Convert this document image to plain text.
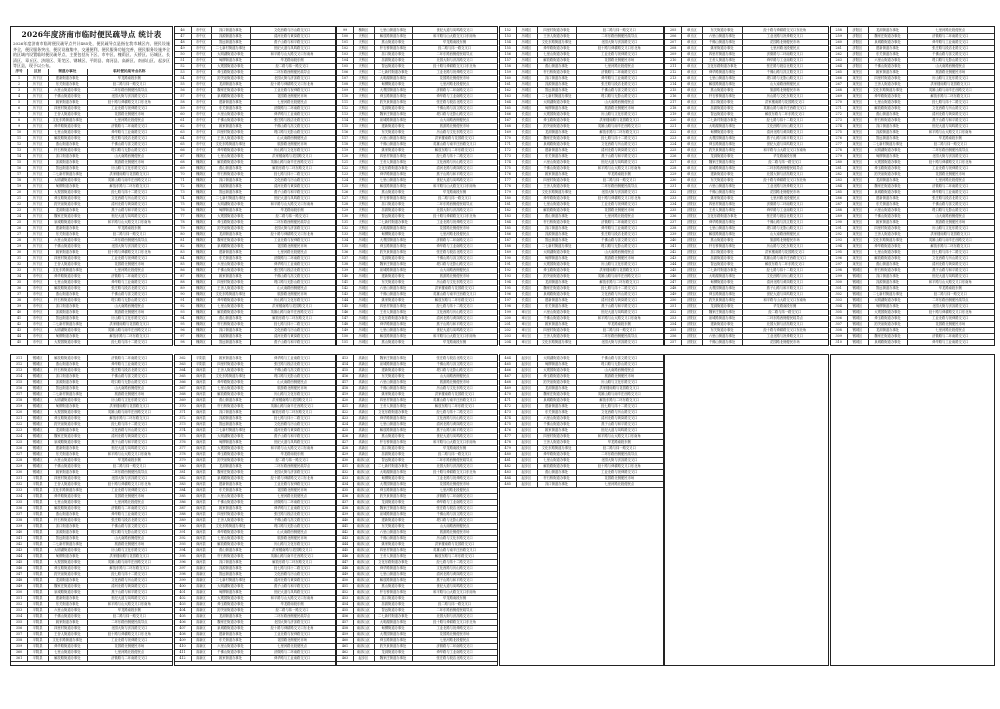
2026年度济南市临时便民疏导点 统计表
2026年度济南市临时便民疏导点共计485处，便民疏导点是指在我市城区内，便民设施齐全，便民服务突出，便民设施集中，交通便利，便民服务功能完善，便民服务设施齐全的区域内设置临时便民疏导点，主要包括历下区、市中区、槐荫区、天桥区、历城区、长清区、章丘区、济阳区、莱芜区、钢城区、平阴县、商河县、高新区、南部山区、起步区等区县，现予以公布。
序号	区县	街道办事处	临时便民疏导点名称
1	历下区	建新街道办事处	华龙路南段东侧
2	历下区	东关街道办事处	经二路与纬一路交叉口
3	历下区	六里山街道办事处	二环东路西侧便民疏导点
4	历下区	千佛山街道办事处	北园大街与济泺路交叉口
5	历下区	姚家街道办事处	经十路与舜耕路交叉口东北角
6	历下区	四里村街道办事处	工业北路与祝舜路交叉口
7	历下区	王舍人街道办事处	花园路北侧便民市场
8	历下区	文化东路街道办事处	七里河路北段便民点
9	历下区	舜华路街道办事处	济微路与二环南路交叉口
10	历下区	七里山街道办事处	舜华路与工业南路交叉口
11	历下区	解放路街道办事处	张庄路与段店北路交叉口
12	历下区	燕山街道办事处	千佛山路与泺文路交叉口
13	历下区	杆石桥街道办事处	堤口路与无影山路交叉口
14	历下区	泺口街道办事处	山大南路西侧便民点
15	历下区	泺源街道办事处	旅游路北侧便民市场
16	历下区	智远街道办事处	历山路与文化东路交叉口
17	历下区	二七新村街道办事处	洪家楼南路与花园路交叉口
18	历下区	大明湖街道办事处	英雄山路与南辛庄西路交叉口
19	历下区	甸柳街道办事处	解放东路与二环东路交叉口
20	历下区	大观园街道办事处	经七路与纬十二路交叉口
21	历下区	舜玉路街道办事处	文化西路与历山路交叉口
22	历下区	趵突泉街道办事处	清河北路与黄岗路交叉口
23	历下区	龙洞街道办事处	燕子山路与和平路交叉口
24	历下区	魏家庄街道办事处	世纪大道与凤鸣路交叉口
25	历下区	泉城路街道办事处	和平路与山大路交叉口东南角
26	历下区	建新街道办事处	华龙路南段东侧
27	历下区	东关街道办事处	经二路与纬一路交叉口
28	历下区	六里山街道办事处	二环东路西侧便民疏导点
29	历下区	千佛山街道办事处	北园大街与济泺路交叉口
30	历下区	姚家街道办事处	经十路与舜耕路交叉口东北角
31	历下区	四里村街道办事处	工业北路与祝舜路交叉口
32	历下区	王舍人街道办事处	花园路北侧便民市场
33	历下区	文化东路街道办事处	七里河路北段便民点
34	市中区	舜华路街道办事处	济微路与二环南路交叉口
35	市中区	七里山街道办事处	舜华路与工业南路交叉口
36	市中区	解放路街道办事处	张庄路与段店北路交叉口
37	市中区	燕山街道办事处	千佛山路与泺文路交叉口
38	市中区	杆石桥街道办事处	堤口路与无影山路交叉口
39	市中区	泺口街道办事处	山大南路西侧便民点
40	市中区	泺源街道办事处	旅游路北侧便民市场
41	市中区	智远街道办事处	历山路与文化东路交叉口
42	市中区	二七新村街道办事处	洪家楼南路与花园路交叉口
43	市中区	大明湖街道办事处	英雄山路与南辛庄西路交叉口
44	市中区	甸柳街道办事处	解放东路与二环东路交叉口
45	市中区	大观园街道办事处	经七路与纬十二路交叉口
46	市中区	泺口街道办事处	文化西路与历山路交叉口
47	市中区	泺源街道办事处	清河北路与黄岗路交叉口
48	市中区	智远街道办事处	燕子山路与和平路交叉口
49	市中区	二七新村街道办事处	世纪大道与凤鸣路交叉口
50	市中区	大明湖街道办事处	和平路与山大路交叉口东南角
51	市中区	甸柳街道办事处	华龙路南段东侧
52	市中区	大观园街道办事处	经二路与纬一路交叉口
53	市中区	舜玉路街道办事处	二环东路西侧便民疏导点
54	市中区	趵突泉街道办事处	北园大街与济泺路交叉口
55	市中区	龙洞街道办事处	经十路与舜耕路交叉口东北角
56	市中区	魏家庄街道办事处	工业北路与祝舜路交叉口
57	市中区	泉城路街道办事处	花园路北侧便民市场
58	市中区	建新街道办事处	七里河路北段便民点
59	市中区	东关街道办事处	济微路与二环南路交叉口
60	市中区	六里山街道办事处	舜华路与工业南路交叉口
61	市中区	千佛山街道办事处	张庄路与段店北路交叉口
62	市中区	姚家街道办事处	千佛山路与泺文路交叉口
63	市中区	四里村街道办事处	堤口路与无影山路交叉口
64	市中区	王舍人街道办事处	山大南路西侧便民点
65	市中区	文化东路街道办事处	旅游路北侧便民市场
66	市中区	舜华路街道办事处	历山路与文化东路交叉口
67	槐荫区	七里山街道办事处	洪家楼南路与花园路交叉口
68	槐荫区	解放路街道办事处	英雄山路与南辛庄西路交叉口
69	槐荫区	燕山街道办事处	解放东路与二环东路交叉口
70	槐荫区	杆石桥街道办事处	经七路与纬十二路交叉口
71	槐荫区	泺口街道办事处	文化西路与历山路交叉口
72	槐荫区	泺源街道办事处	清河北路与黄岗路交叉口
73	槐荫区	智远街道办事处	燕子山路与和平路交叉口
74	槐荫区	二七新村街道办事处	世纪大道与凤鸣路交叉口
75	槐荫区	大明湖街道办事处	和平路与山大路交叉口东南角
76	槐荫区	甸柳街道办事处	华龙路南段东侧
77	槐荫区	大观园街道办事处	经二路与纬一路交叉口
78	槐荫区	舜玉路街道办事处	二环东路西侧便民疏导点
79	槐荫区	趵突泉街道办事处	北园大街与济泺路交叉口
80	槐荫区	龙洞街道办事处	经十路与舜耕路交叉口东北角
81	槐荫区	魏家庄街道办事处	工业北路与祝舜路交叉口
82	槐荫区	泉城路街道办事处	花园路北侧便民市场
83	槐荫区	建新街道办事处	七里河路北段便民点
84	槐荫区	东关街道办事处	济微路与二环南路交叉口
85	槐荫区	六里山街道办事处	舜华路与工业南路交叉口
86	槐荫区	千佛山街道办事处	张庄路与段店北路交叉口
87	槐荫区	姚家街道办事处	千佛山路与泺文路交叉口
88	槐荫区	四里村街道办事处	堤口路与无影山路交叉口
89	槐荫区	王舍人街道办事处	山大南路西侧便民点
90	槐荫区	文化东路街道办事处	旅游路北侧便民市场
91	槐荫区	舜华路街道办事处	历山路与文化东路交叉口
92	槐荫区	七里山街道办事处	洪家楼南路与花园路交叉口
93	槐荫区	解放路街道办事处	英雄山路与南辛庄西路交叉口
94	槐荫区	燕山街道办事处	解放东路与二环东路交叉口
95	槐荫区	杆石桥街道办事处	经七路与纬十二路交叉口
96	槐荫区	泺口街道办事处	文化西路与历山路交叉口
97	槐荫区	泺源街道办事处	清河北路与黄岗路交叉口
98	槐荫区	智远街道办事处	燕子山路与和平路交叉口
99	槐荫区	七里山街道办事处	世纪大道与凤鸣路交叉口
100	天桥区	解放路街道办事处	和平路与山大路交叉口东南角
101	天桥区	燕山街道办事处	华龙路南段东侧
102	天桥区	杆石桥街道办事处	经二路与纬一路交叉口
103	天桥区	泺口街道办事处	二环东路西侧便民疏导点
104	天桥区	泺源街道办事处	北园大街与济泺路交叉口
105	天桥区	智远街道办事处	经十路与舜耕路交叉口东北角
106	天桥区	二七新村街道办事处	工业北路与祝舜路交叉口
107	天桥区	大明湖街道办事处	花园路北侧便民市场
108	天桥区	甸柳街道办事处	七里河路北段便民点
109	天桥区	大观园街道办事处	济微路与二环南路交叉口
110	天桥区	舜玉路街道办事处	舜华路与工业南路交叉口
111	天桥区	趵突泉街道办事处	张庄路与段店北路交叉口
112	天桥区	龙洞街道办事处	千佛山路与泺文路交叉口
113	天桥区	魏家庄街道办事处	堤口路与无影山路交叉口
114	天桥区	泉城路街道办事处	山大南路西侧便民点
115	天桥区	建新街道办事处	旅游路北侧便民市场
116	天桥区	东关街道办事处	历山路与文化东路交叉口
117	天桥区	六里山街道办事处	洪家楼南路与花园路交叉口
118	天桥区	千佛山街道办事处	英雄山路与南辛庄西路交叉口
119	天桥区	姚家街道办事处	解放东路与二环东路交叉口
120	天桥区	四里村街道办事处	经七路与纬十二路交叉口
121	天桥区	王舍人街道办事处	文化西路与历山路交叉口
122	天桥区	文化东路街道办事处	清河北路与黄岗路交叉口
123	天桥区	舜华路街道办事处	燕子山路与和平路交叉口
124	天桥区	七里山街道办事处	世纪大道与凤鸣路交叉口
125	天桥区	解放路街道办事处	和平路与山大路交叉口东南角
126	天桥区	燕山街道办事处	华龙路南段东侧
127	天桥区	杆石桥街道办事处	经二路与纬一路交叉口
128	天桥区	泺口街道办事处	二环东路西侧便民疏导点
129	天桥区	泺源街道办事处	北园大街与济泺路交叉口
130	天桥区	智远街道办事处	经十路与舜耕路交叉口东北角
131	天桥区	二七新村街道办事处	工业北路与祝舜路交叉口
132	天桥区	大明湖街道办事处	花园路北侧便民市场
133	历城区	甸柳街道办事处	七里河路北段便民点
134	历城区	大观园街道办事处	济微路与二环南路交叉口
135	历城区	舜玉路街道办事处	舜华路与工业南路交叉口
136	历城区	趵突泉街道办事处	张庄路与段店北路交叉口
137	历城区	龙洞街道办事处	千佛山路与泺文路交叉口
138	历城区	魏家庄街道办事处	堤口路与无影山路交叉口
139	历城区	泉城路街道办事处	山大南路西侧便民点
140	历城区	建新街道办事处	旅游路北侧便民市场
141	历城区	东关街道办事处	历山路与文化东路交叉口
142	历城区	六里山街道办事处	洪家楼南路与花园路交叉口
143	历城区	千佛山街道办事处	英雄山路与南辛庄西路交叉口
144	历城区	姚家街道办事处	解放东路与二环东路交叉口
145	历城区	四里村街道办事处	经七路与纬十二路交叉口
146	历城区	王舍人街道办事处	文化西路与历山路交叉口
147	历城区	文化东路街道办事处	清河北路与黄岗路交叉口
148	历城区	舜华路街道办事处	燕子山路与和平路交叉口
149	历城区	七里山街道办事处	世纪大道与凤鸣路交叉口
150	历城区	解放路街道办事处	和平路与山大路交叉口东南角
151	历城区	燕山街道办事处	华龙路南段东侧
152	历城区	四里村街道办事处	经二路与纬一路交叉口
153	历城区	王舍人街道办事处	二环东路西侧便民疏导点
154	历城区	文化东路街道办事处	北园大街与济泺路交叉口
155	历城区	舜华路街道办事处	经十路与舜耕路交叉口东北角
156	历城区	七里山街道办事处	工业北路与祝舜路交叉口
157	历城区	解放路街道办事处	花园路北侧便民市场
158	历城区	燕山街道办事处	七里河路北段便民点
159	历城区	杆石桥街道办事处	济微路与二环南路交叉口
160	历城区	泺口街道办事处	舜华路与工业南路交叉口
161	历城区	泺源街道办事处	张庄路与段店北路交叉口
162	历城区	智远街道办事处	千佛山路与泺文路交叉口
163	历城区	二七新村街道办事处	堤口路与无影山路交叉口
164	历城区	大明湖街道办事处	山大南路西侧便民点
165	历城区	甸柳街道办事处	旅游路北侧便民市场
166	长清区	大观园街道办事处	历山路与文化东路交叉口
167	长清区	舜玉路街道办事处	洪家楼南路与花园路交叉口
168	长清区	趵突泉街道办事处	英雄山路与南辛庄西路交叉口
169	长清区	龙洞街道办事处	解放东路与二环东路交叉口
170	长清区	魏家庄街道办事处	经七路与纬十二路交叉口
171	长清区	泉城路街道办事处	文化西路与历山路交叉口
172	长清区	建新街道办事处	清河北路与黄岗路交叉口
173	长清区	东关街道办事处	燕子山路与和平路交叉口
174	长清区	六里山街道办事处	世纪大道与凤鸣路交叉口
175	长清区	千佛山街道办事处	和平路与山大路交叉口东南角
176	长清区	姚家街道办事处	华龙路南段东侧
177	长清区	四里村街道办事处	经二路与纬一路交叉口
178	长清区	王舍人街道办事处	二环东路西侧便民疏导点
179	长清区	文化东路街道办事处	北园大街与济泺路交叉口
180	长清区	舜华路街道办事处	经十路与舜耕路交叉口东北角
181	长清区	七里山街道办事处	工业北路与祝舜路交叉口
182	长清区	解放路街道办事处	花园路北侧便民市场
183	长清区	燕山街道办事处	七里河路北段便民点
184	长清区	杆石桥街道办事处	济微路与二环南路交叉口
185	长清区	泺口街道办事处	舜华路与工业南路交叉口
186	长清区	泺源街道办事处	张庄路与段店北路交叉口
187	长清区	智远街道办事处	千佛山路与泺文路交叉口
188	长清区	二七新村街道办事处	堤口路与无影山路交叉口
189	长清区	大明湖街道办事处	山大南路西侧便民点
190	长清区	甸柳街道办事处	旅游路北侧便民市场
191	长清区	大观园街道办事处	历山路与文化东路交叉口
192	长清区	舜玉路街道办事处	洪家楼南路与花园路交叉口
193	长清区	趵突泉街道办事处	英雄山路与南辛庄西路交叉口
194	长清区	龙洞街道办事处	解放东路与二环东路交叉口
195	长清区	魏家庄街道办事处	经七路与纬十二路交叉口
196	长清区	泉城路街道办事处	文化西路与历山路交叉口
197	长清区	建新街道办事处	清河北路与黄岗路交叉口
198	长清区	东关街道办事处	燕子山路与和平路交叉口
199	章丘区	六里山街道办事处	世纪大道与凤鸣路交叉口
200	章丘区	千佛山街道办事处	和平路与山大路交叉口东南角
201	章丘区	姚家街道办事处	华龙路南段东侧
202	章丘区	四里村街道办事处	经二路与纬一路交叉口
203	章丘区	王舍人街道办事处	二环东路西侧便民疏导点
204	章丘区	文化东路街道办事处	北园大街与济泺路交叉口
205	章丘区	东关街道办事处	经十路与舜耕路交叉口东北角
206	章丘区	六里山街道办事处	工业北路与祝舜路交叉口
207	章丘区	千佛山街道办事处	花园路北侧便民市场
208	章丘区	姚家街道办事处	七里河路北段便民点
209	章丘区	四里村街道办事处	济微路与二环南路交叉口
210	章丘区	王舍人街道办事处	舜华路与工业南路交叉口
211	章丘区	文化东路街道办事处	张庄路与段店北路交叉口
212	章丘区	舜华路街道办事处	千佛山路与泺文路交叉口
213	章丘区	七里山街道办事处	堤口路与无影山路交叉口
214	章丘区	解放路街道办事处	山大南路西侧便民点
215	章丘区	燕山街道办事处	旅游路北侧便民市场
216	章丘区	杆石桥街道办事处	历山路与文化东路交叉口
217	章丘区	泺口街道办事处	洪家楼南路与花园路交叉口
218	章丘区	泺源街道办事处	英雄山路与南辛庄西路交叉口
219	章丘区	智远街道办事处	解放东路与二环东路交叉口
220	章丘区	二七新村街道办事处	经七路与纬十二路交叉口
221	章丘区	大明湖街道办事处	文化西路与历山路交叉口
222	章丘区	甸柳街道办事处	清河北路与黄岗路交叉口
223	章丘区	大观园街道办事处	燕子山路与和平路交叉口
224	章丘区	舜玉路街道办事处	世纪大道与凤鸣路交叉口
225	章丘区	趵突泉街道办事处	和平路与山大路交叉口东南角
226	章丘区	龙洞街道办事处	华龙路南段东侧
227	章丘区	魏家庄街道办事处	经二路与纬一路交叉口
228	章丘区	泉城路街道办事处	二环东路西侧便民疏导点
229	章丘区	建新街道办事处	北园大街与济泺路交叉口
230	章丘区	东关街道办事处	经十路与舜耕路交叉口东北角
231	章丘区	六里山街道办事处	工业北路与祝舜路交叉口
232	济阳区	千佛山街道办事处	花园路北侧便民市场
233	济阳区	姚家街道办事处	七里河路北段便民点
234	济阳区	四里村街道办事处	济微路与二环南路交叉口
235	济阳区	王舍人街道办事处	舜华路与工业南路交叉口
236	济阳区	文化东路街道办事处	张庄路与段店北路交叉口
237	济阳区	舜华路街道办事处	千佛山路与泺文路交叉口
238	济阳区	七里山街道办事处	堤口路与无影山路交叉口
239	济阳区	解放路街道办事处	山大南路西侧便民点
240	济阳区	燕山街道办事处	旅游路北侧便民市场
241	济阳区	杆石桥街道办事处	历山路与文化东路交叉口
242	济阳区	泺口街道办事处	洪家楼南路与花园路交叉口
243	济阳区	泺源街道办事处	英雄山路与南辛庄西路交叉口
244	济阳区	智远街道办事处	解放东路与二环东路交叉口
245	济阳区	二七新村街道办事处	经七路与纬十二路交叉口
246	济阳区	大明湖街道办事处	文化西路与历山路交叉口
247	济阳区	甸柳街道办事处	清河北路与黄岗路交叉口
248	济阳区	大观园街道办事处	燕子山路与和平路交叉口
249	济阳区	舜玉路街道办事处	世纪大道与凤鸣路交叉口
250	济阳区	趵突泉街道办事处	和平路与山大路交叉口东南角
251	济阳区	龙洞街道办事处	华龙路南段东侧
252	济阳区	魏家庄街道办事处	经二路与纬一路交叉口
253	济阳区	泉城路街道办事处	二环东路西侧便民疏导点
254	济阳区	建新街道办事处	北园大街与济泺路交叉口
255	济阳区	东关街道办事处	经十路与舜耕路交叉口东北角
256	济阳区	六里山街道办事处	工业北路与祝舜路交叉口
257	济阳区	千佛山街道办事处	花园路北侧便民市场
258	济阳区	龙洞街道办事处	七里河路北段便民点
259	济阳区	魏家庄街道办事处	济微路与二环南路交叉口
260	济阳区	泉城路街道办事处	舜华路与工业南路交叉口
261	济阳区	建新街道办事处	张庄路与段店北路交叉口
262	济阳区	东关街道办事处	千佛山路与泺文路交叉口
263	济阳区	六里山街道办事处	堤口路与无影山路交叉口
264	济阳区	千佛山街道办事处	山大南路西侧便民点
265	莱芜区	姚家街道办事处	旅游路北侧便民市场
266	莱芜区	四里村街道办事处	历山路与文化东路交叉口
267	莱芜区	王舍人街道办事处	洪家楼南路与花园路交叉口
268	莱芜区	文化东路街道办事处	英雄山路与南辛庄西路交叉口
269	莱芜区	舜华路街道办事处	解放东路与二环东路交叉口
270	莱芜区	七里山街道办事处	经七路与纬十二路交叉口
271	莱芜区	解放路街道办事处	文化西路与历山路交叉口
272	莱芜区	燕山街道办事处	清河北路与黄岗路交叉口
273	莱芜区	杆石桥街道办事处	燕子山路与和平路交叉口
274	莱芜区	泺口街道办事处	世纪大道与凤鸣路交叉口
275	莱芜区	泺源街道办事处	和平路与山大路交叉口东南角
276	莱芜区	智远街道办事处	华龙路南段东侧
277	莱芜区	二七新村街道办事处	经二路与纬一路交叉口
278	莱芜区	大明湖街道办事处	二环东路西侧便民疏导点
279	莱芜区	甸柳街道办事处	北园大街与济泺路交叉口
280	莱芜区	大观园街道办事处	经十路与舜耕路交叉口东北角
281	莱芜区	舜玉路街道办事处	工业北路与祝舜路交叉口
282	莱芜区	趵突泉街道办事处	花园路北侧便民市场
283	莱芜区	龙洞街道办事处	七里河路北段便民点
284	莱芜区	魏家庄街道办事处	济微路与二环南路交叉口
285	莱芜区	泉城路街道办事处	舜华路与工业南路交叉口
286	莱芜区	建新街道办事处	张庄路与段店北路交叉口
287	莱芜区	东关街道办事处	千佛山路与泺文路交叉口
288	莱芜区	六里山街道办事处	堤口路与无影山路交叉口
289	莱芜区	千佛山街道办事处	山大南路西侧便民点
290	莱芜区	姚家街道办事处	旅游路北侧便民市场
291	莱芜区	四里村街道办事处	历山路与文化东路交叉口
292	莱芜区	王舍人街道办事处	洪家楼南路与花园路交叉口
293	莱芜区	文化东路街道办事处	英雄山路与南辛庄西路交叉口
294	莱芜区	舜华路街道办事处	解放东路与二环东路交叉口
295	莱芜区	七里山街道办事处	经七路与纬十二路交叉口
296	莱芜区	解放路街道办事处	文化西路与历山路交叉口
297	莱芜区	燕山街道办事处	清河北路与黄岗路交叉口
298	钢城区	杆石桥街道办事处	燕子山路与和平路交叉口
299	钢城区	泺口街道办事处	世纪大道与凤鸣路交叉口
300	钢城区	泺源街道办事处	和平路与山大路交叉口东南角
301	钢城区	智远街道办事处	华龙路南段东侧
302	钢城区	二七新村街道办事处	经二路与纬一路交叉口
303	钢城区	大明湖街道办事处	二环东路西侧便民疏导点
304	钢城区	甸柳街道办事处	北园大街与济泺路交叉口
305	钢城区	大观园街道办事处	经十路与舜耕路交叉口东北角
306	钢城区	舜玉路街道办事处	工业北路与祝舜路交叉口
307	钢城区	趵突泉街道办事处	花园路北侧便民市场
308	钢城区	龙洞街道办事处	七里河路北段便民点
309	钢城区	魏家庄街道办事处	济微路与二环南路交叉口
310	钢城区	泉城路街道办事处	舜华路与工业南路交叉口
311	钢城区	解放路街道办事处	济微路与二环南路交叉口
312	钢城区	燕山街道办事处	舜华路与工业南路交叉口
313	钢城区	杆石桥街道办事处	张庄路与段店北路交叉口
314	钢城区	泺口街道办事处	千佛山路与泺文路交叉口
315	钢城区	泺源街道办事处	堤口路与无影山路交叉口
316	钢城区	智远街道办事处	山大南路西侧便民点
317	钢城区	二七新村街道办事处	旅游路北侧便民市场
318	钢城区	大明湖街道办事处	历山路与文化东路交叉口
319	钢城区	甸柳街道办事处	洪家楼南路与花园路交叉口
320	钢城区	大观园街道办事处	英雄山路与南辛庄西路交叉口
321	钢城区	舜玉路街道办事处	解放东路与二环东路交叉口
322	钢城区	趵突泉街道办事处	经七路与纬十二路交叉口
323	钢城区	龙洞街道办事处	文化西路与历山路交叉口
324	钢城区	魏家庄街道办事处	清河北路与黄岗路交叉口
325	钢城区	泉城路街道办事处	燕子山路与和平路交叉口
326	钢城区	建新街道办事处	世纪大道与凤鸣路交叉口
327	钢城区	东关街道办事处	和平路与山大路交叉口东南角
328	钢城区	六里山街道办事处	华龙路南段东侧
329	钢城区	千佛山街道办事处	经二路与纬一路交叉口
330	钢城区	姚家街道办事处	二环东路西侧便民疏导点
331	平阴县	四里村街道办事处	北园大街与济泺路交叉口
332	平阴县	王舍人街道办事处	经十路与舜耕路交叉口东北角
333	平阴县	文化东路街道办事处	工业北路与祝舜路交叉口
334	平阴县	舜华路街道办事处	花园路北侧便民市场
335	平阴县	七里山街道办事处	七里河路北段便民点
336	平阴县	解放路街道办事处	济微路与二环南路交叉口
337	平阴县	燕山街道办事处	舜华路与工业南路交叉口
338	平阴县	杆石桥街道办事处	张庄路与段店北路交叉口
339	平阴县	泺口街道办事处	千佛山路与泺文路交叉口
340	平阴县	泺源街道办事处	堤口路与无影山路交叉口
341	平阴县	智远街道办事处	山大南路西侧便民点
342	平阴县	二七新村街道办事处	旅游路北侧便民市场
343	平阴县	大明湖街道办事处	历山路与文化东路交叉口
344	平阴县	甸柳街道办事处	洪家楼南路与花园路交叉口
345	平阴县	大观园街道办事处	英雄山路与南辛庄西路交叉口
346	平阴县	舜玉路街道办事处	解放东路与二环东路交叉口
347	平阴县	趵突泉街道办事处	经七路与纬十二路交叉口
348	平阴县	龙洞街道办事处	文化西路与历山路交叉口
349	平阴县	魏家庄街道办事处	清河北路与黄岗路交叉口
350	平阴县	泉城路街道办事处	燕子山路与和平路交叉口
351	平阴县	建新街道办事处	世纪大道与凤鸣路交叉口
352	平阴县	东关街道办事处	和平路与山大路交叉口东南角
353	平阴县	六里山街道办事处	华龙路南段东侧
354	平阴县	千佛山街道办事处	经二路与纬一路交叉口
355	平阴县	姚家街道办事处	二环东路西侧便民疏导点
356	平阴县	四里村街道办事处	北园大街与济泺路交叉口
357	平阴县	王舍人街道办事处	经十路与舜耕路交叉口东北角
358	平阴县	文化东路街道办事处	工业北路与祝舜路交叉口
359	平阴县	舜华路街道办事处	花园路北侧便民市场
360	平阴县	七里山街道办事处	七里河路北段便民点
361	平阴县	解放路街道办事处	济微路与二环南路交叉口
362	平阴县	姚家街道办事处	舜华路与工业南路交叉口
363	平阴县	四里村街道办事处	张庄路与段店北路交叉口
364	商河县	王舍人街道办事处	千佛山路与泺文路交叉口
365	商河县	文化东路街道办事处	堤口路与无影山路交叉口
366	商河县	舜华路街道办事处	山大南路西侧便民点
367	商河县	七里山街道办事处	旅游路北侧便民市场
368	商河县	解放路街道办事处	历山路与文化东路交叉口
369	商河县	燕山街道办事处	洪家楼南路与花园路交叉口
370	商河县	杆石桥街道办事处	英雄山路与南辛庄西路交叉口
371	商河县	泺口街道办事处	解放东路与二环东路交叉口
372	商河县	泺源街道办事处	经七路与纬十二路交叉口
373	商河县	智远街道办事处	文化西路与历山路交叉口
374	商河县	二七新村街道办事处	清河北路与黄岗路交叉口
375	商河县	大明湖街道办事处	燕子山路与和平路交叉口
376	商河县	甸柳街道办事处	世纪大道与凤鸣路交叉口
377	商河县	大观园街道办事处	和平路与山大路交叉口东南角
378	商河县	舜玉路街道办事处	华龙路南段东侧
379	商河县	趵突泉街道办事处	经二路与纬一路交叉口
380	商河县	龙洞街道办事处	二环东路西侧便民疏导点
381	商河县	魏家庄街道办事处	北园大街与济泺路交叉口
382	商河县	泉城路街道办事处	经十路与舜耕路交叉口东北角
383	商河县	建新街道办事处	工业北路与祝舜路交叉口
384	商河县	东关街道办事处	花园路北侧便民市场
385	商河县	六里山街道办事处	七里河路北段便民点
386	商河县	千佛山街道办事处	济微路与二环南路交叉口
387	商河县	姚家街道办事处	舜华路与工业南路交叉口
388	商河县	四里村街道办事处	张庄路与段店北路交叉口
389	商河县	王舍人街道办事处	千佛山路与泺文路交叉口
390	商河县	文化东路街道办事处	堤口路与无影山路交叉口
391	商河县	舜华路街道办事处	山大南路西侧便民点
392	商河县	七里山街道办事处	旅游路北侧便民市场
393	商河县	解放路街道办事处	历山路与文化东路交叉口
394	商河县	燕山街道办事处	洪家楼南路与花园路交叉口
395	商河县	杆石桥街道办事处	英雄山路与南辛庄西路交叉口
396	商河县	泺口街道办事处	解放东路与二环东路交叉口
397	高新区	泺源街道办事处	经七路与纬十二路交叉口
398	高新区	智远街道办事处	文化西路与历山路交叉口
399	高新区	二七新村街道办事处	清河北路与黄岗路交叉口
400	高新区	大明湖街道办事处	燕子山路与和平路交叉口
401	高新区	甸柳街道办事处	世纪大道与凤鸣路交叉口
402	高新区	大观园街道办事处	和平路与山大路交叉口东南角
403	高新区	舜玉路街道办事处	华龙路南段东侧
404	高新区	趵突泉街道办事处	经二路与纬一路交叉口
405	高新区	龙洞街道办事处	二环东路西侧便民疏导点
406	高新区	魏家庄街道办事处	北园大街与济泺路交叉口
407	高新区	泉城路街道办事处	经十路与舜耕路交叉口东北角
408	高新区	建新街道办事处	工业北路与祝舜路交叉口
409	高新区	东关街道办事处	花园路北侧便民市场
410	高新区	六里山街道办事处	七里河路北段便民点
411	高新区	千佛山街道办事处	济微路与二环南路交叉口
412	高新区	姚家街道办事处	舜华路与工业南路交叉口
413	高新区	魏家庄街道办事处	张庄路与段店北路交叉口
414	高新区	泉城路街道办事处	千佛山路与泺文路交叉口
415	高新区	建新街道办事处	堤口路与无影山路交叉口
416	高新区	东关街道办事处	山大南路西侧便民点
417	高新区	六里山街道办事处	旅游路北侧便民市场
418	高新区	千佛山街道办事处	历山路与文化东路交叉口
419	高新区	姚家街道办事处	洪家楼南路与花园路交叉口
420	高新区	四里村街道办事处	英雄山路与南辛庄西路交叉口
421	高新区	王舍人街道办事处	解放东路与二环东路交叉口
422	高新区	文化东路街道办事处	经七路与纬十二路交叉口
423	高新区	舜华路街道办事处	文化西路与历山路交叉口
424	高新区	七里山街道办事处	清河北路与黄岗路交叉口
425	高新区	解放路街道办事处	燕子山路与和平路交叉口
426	高新区	燕山街道办事处	世纪大道与凤鸣路交叉口
427	高新区	杆石桥街道办事处	和平路与山大路交叉口东南角
428	高新区	泺口街道办事处	华龙路南段东侧
429	高新区	泺源街道办事处	经二路与纬一路交叉口
430	南部山区	智远街道办事处	二环东路西侧便民疏导点
431	南部山区	二七新村街道办事处	北园大街与济泺路交叉口
432	南部山区	大明湖街道办事处	经十路与舜耕路交叉口东北角
433	南部山区	甸柳街道办事处	工业北路与祝舜路交叉口
434	南部山区	大观园街道办事处	花园路北侧便民市场
435	南部山区	舜玉路街道办事处	七里河路北段便民点
436	南部山区	趵突泉街道办事处	济微路与二环南路交叉口
437	南部山区	龙洞街道办事处	舜华路与工业南路交叉口
438	南部山区	魏家庄街道办事处	张庄路与段店北路交叉口
439	南部山区	泉城路街道办事处	千佛山路与泺文路交叉口
440	南部山区	建新街道办事处	堤口路与无影山路交叉口
441	南部山区	东关街道办事处	山大南路西侧便民点
442	南部山区	六里山街道办事处	旅游路北侧便民市场
443	南部山区	千佛山街道办事处	历山路与文化东路交叉口
444	南部山区	姚家街道办事处	洪家楼南路与花园路交叉口
445	南部山区	四里村街道办事处	英雄山路与南辛庄西路交叉口
446	南部山区	王舍人街道办事处	解放东路与二环东路交叉口
447	南部山区	文化东路街道办事处	经七路与纬十二路交叉口
448	南部山区	舜华路街道办事处	文化西路与历山路交叉口
449	南部山区	七里山街道办事处	清河北路与黄岗路交叉口
450	南部山区	解放路街道办事处	燕子山路与和平路交叉口
451	南部山区	燕山街道办事处	世纪大道与凤鸣路交叉口
452	南部山区	杆石桥街道办事处	和平路与山大路交叉口东南角
453	南部山区	泺口街道办事处	华龙路南段东侧
454	南部山区	泺源街道办事处	经二路与纬一路交叉口
455	南部山区	智远街道办事处	二环东路西侧便民疏导点
456	南部山区	二七新村街道办事处	北园大街与济泺路交叉口
457	南部山区	大明湖街道办事处	经十路与舜耕路交叉口东北角
458	南部山区	甸柳街道办事处	工业北路与祝舜路交叉口
459	南部山区	大观园街道办事处	花园路北侧便民市场
460	南部山区	舜玉路街道办事处	七里河路北段便民点
461	南部山区	趵突泉街道办事处	济微路与二环南路交叉口
462	南部山区	龙洞街道办事处	舜华路与工业南路交叉口
463	起步区	魏家庄街道办事处	张庄路与段店北路交叉口
464	起步区	大明湖街道办事处	千佛山路与泺文路交叉口
465	起步区	甸柳街道办事处	堤口路与无影山路交叉口
466	起步区	大观园街道办事处	山大南路西侧便民点
467	起步区	舜玉路街道办事处	旅游路北侧便民市场
468	起步区	趵突泉街道办事处	历山路与文化东路交叉口
469	起步区	龙洞街道办事处	洪家楼南路与花园路交叉口
470	起步区	魏家庄街道办事处	英雄山路与南辛庄西路交叉口
471	起步区	泉城路街道办事处	解放东路与二环东路交叉口
472	起步区	建新街道办事处	经七路与纬十二路交叉口
473	起步区	东关街道办事处	文化西路与历山路交叉口
474	起步区	六里山街道办事处	清河北路与黄岗路交叉口
475	起步区	千佛山街道办事处	燕子山路与和平路交叉口
476	起步区	姚家街道办事处	世纪大道与凤鸣路交叉口
477	起步区	四里村街道办事处	和平路与山大路交叉口东南角
478	起步区	王舍人街道办事处	华龙路南段东侧
479	起步区	文化东路街道办事处	经二路与纬一路交叉口
480	起步区	舜华路街道办事处	二环东路西侧便民疏导点
481	起步区	七里山街道办事处	北园大街与济泺路交叉口
482	起步区	解放路街道办事处	经十路与舜耕路交叉口东北角
483	起步区	燕山街道办事处	工业北路与祝舜路交叉口
484	起步区	杆石桥街道办事处	花园路北侧便民市场
485	起步区	泺口街道办事处	七里河路北段便民点
